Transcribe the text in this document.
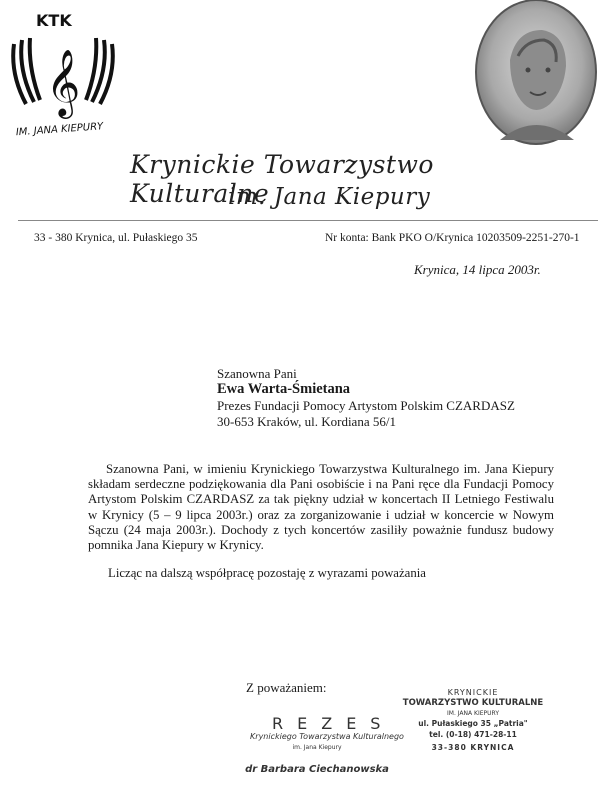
KTK
𝄞
IM. JANA KIEPURY
Krynickie Towarzystwo Kulturalne
im. Jana Kiepury
33 - 380 Krynica, ul. Pułaskiego 35	Nr konta: Bank PKO O/Krynica 10203509-2251-270-1
Krynica, 14 lipca 2003r.
Szanowna Pani
Ewa Warta-Śmietana
Prezes Fundacji Pomocy Artystom Polskim CZARDASZ
30-653 Kraków, ul. Kordiana 56/1
Szanowna Pani, w imieniu Krynickiego Towarzystwa Kulturalnego im. Jana Kiepury składam serdeczne podziękowania dla Pani osobiście i na Pani ręce dla Fundacji Pomocy Artystom Polskim CZARDASZ za tak piękny udział w koncertach II Letniego Festiwalu w Krynicy (5 – 9 lipca 2003r.) oraz za zorganizowanie i udział w koncercie w Nowym Sączu (24 maja 2003r.). Dochody z tych koncertów zasiliły poważnie fundusz budowy pomnika Jana Kiepury w Krynicy.
Licząc na dalszą współpracę pozostaję z wyrazami poważania
Z poważaniem:
REZES
Krynickiego Towarzystwa Kulturalnego
im. Jana Kiepury
dr Barbara Ciechanowska
KRYNICKIE
TOWARZYSTWO KULTURALNE
IM. JANA KIEPURY
ul. Pułaskiego 35 „Patria"
tel. (0-18) 471-28-11
33-380 KRYNICA
